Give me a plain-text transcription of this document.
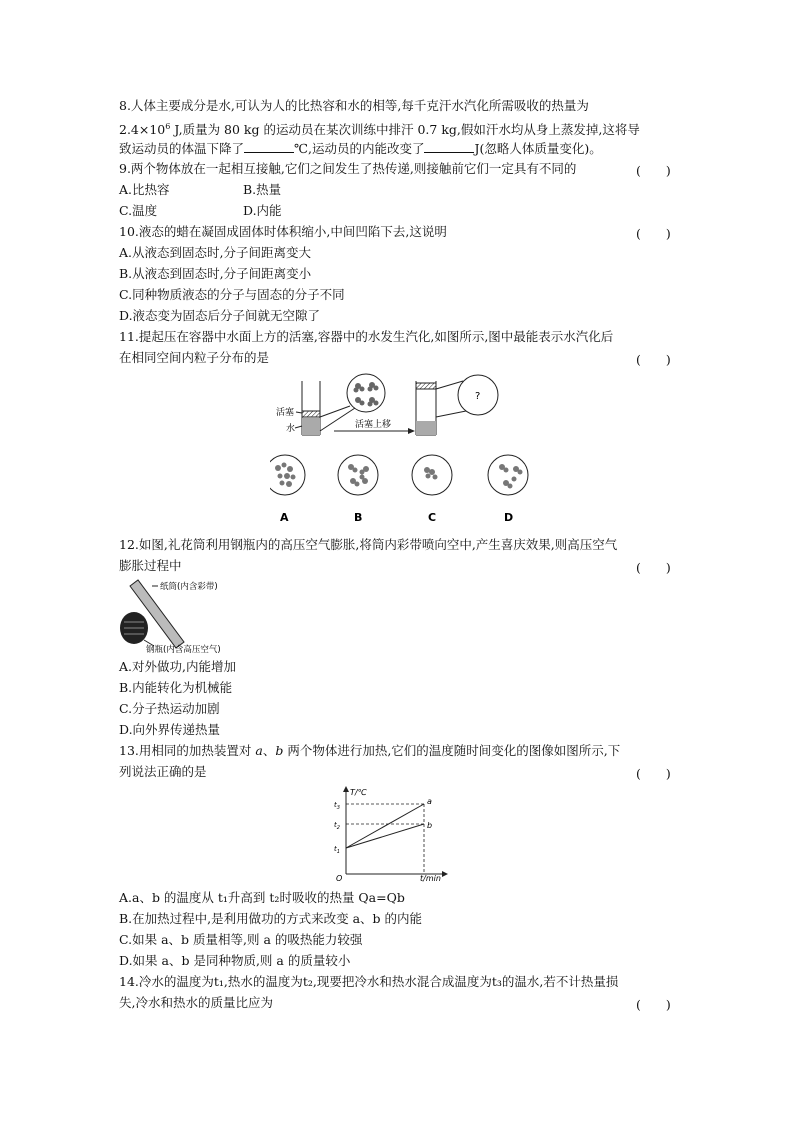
8.人体主要成分是水,可认为人的比热容和水的相等,每千克汗水汽化所需吸收的热量为
$2.4\times 10^6$ J,质量为 80 kg 的运动员在某次训练中排汗 0.7 kg,假如汗水均从身上蒸发掉,这将导
致运动员的体温下降了	℃,运动员的内能改变了	J(忽略人体质量变化)。
9.两个物体放在一起相互接触,它们之间发生了热传递,则接触前它们一定具有不同的	(　　)
A.比热容	B.热量
C.温度	D.内能
10.液态的蜡在凝固成固体时体积缩小,中间凹陷下去,这说明	(　　)
A.从液态到固态时,分子间距离变大
B.从液态到固态时,分子间距离变小
C.同种物质液态的分子与固态的分子不同
D.液态变为固态后分子间就无空隙了
11.提起压在容器中水面上方的活塞,容器中的水发生汽化,如图所示,图中最能表示水汽化后
在相同空间内粒子分布的是	(　　)
活塞
水	活塞上移
?
A	B	C	D
12.如图,礼花筒利用钢瓶内的高压空气膨胀,将筒内彩带喷向空中,产生喜庆效果,则高压空气
膨胀过程中	(　　)
纸筒(内含彩带)
钢瓶(内含高压空气)
A.对外做功,内能增加
B.内能转化为机械能
C.分子热运动加剧
D.向外界传递热量
13.用相同的加热装置对 a、b 两个物体进行加热,它们的温度随时间变化的图像如图所示,下
列说法正确的是	(　　)
T/℃
t/min
O
$t_3$
$t_2$
$t_1$
a
b
A.a、b 的温度从 t₁升高到 t₂时吸收的热量 Qa=Qb
B.在加热过程中,是利用做功的方式来改变 a、b 的内能
C.如果 a、b 质量相等,则 a 的吸热能力较强
D.如果 a、b 是同种物质,则 a 的质量较小
14.冷水的温度为t₁,热水的温度为t₂,现要把冷水和热水混合成温度为t₃的温水,若不计热量损
失,冷水和热水的质量比应为	(　　)
